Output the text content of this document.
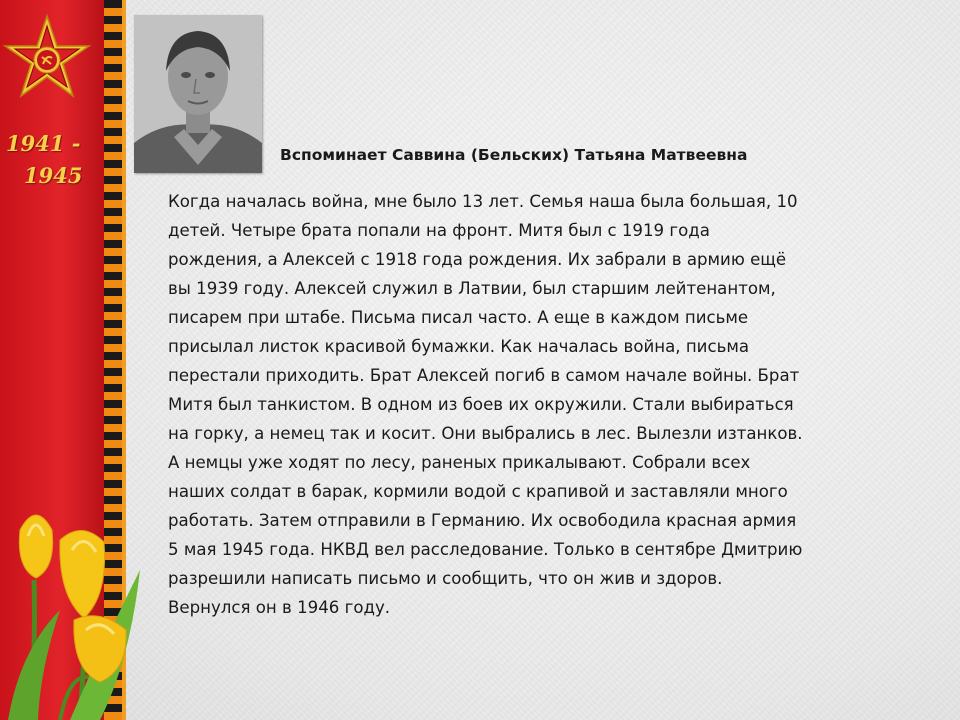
1941 -
1945
Вспоминает Саввина (Бельских) Татьяна Матвеевна
Когда началась война, мне было 13 лет. Семья наша была большая, 10
детей. Четыре брата попали на фронт. Митя был с 1919 года
рождения, а Алексей с 1918 года рождения. Их забрали в армию ещё
вы 1939 году. Алексей служил в Латвии, был старшим лейтенантом,
писарем при штабе. Письма писал часто. А еще в каждом письме
присылал листок красивой бумажки. Как началась война, письма
перестали приходить. Брат Алексей погиб в самом начале войны. Брат
Митя был танкистом. В одном из боев их окружили. Стали выбираться
на горку, а немец так и косит. Они выбрались в лес. Вылезли изтанков.
А немцы уже ходят по лесу, раненых прикалывают. Собрали всех
наших солдат в барак, кормили водой с крапивой и заставляли много
работать. Затем отправили в Германию. Их освободила красная армия
5 мая 1945 года. НКВД вел расследование. Только в сентябре Дмитрию
разрешили написать письмо и сообщить, что он жив и здоров.
Вернулся он в 1946 году.
